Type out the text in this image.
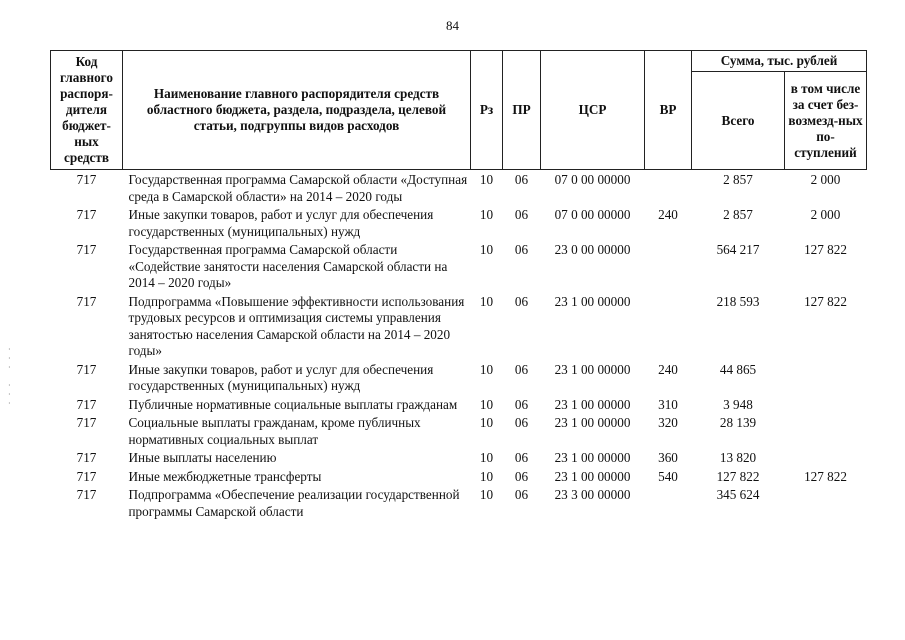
84
·
·
·

·
·
·
Код главного распоря-дителя бюджет-ных средств	Наименование главного распорядителя средств областного бюджета, раздела, подраздела, целевой статьи, подгруппы видов расходов	Рз	ПР	ЦСР	ВР	Сумма, тыс. рублей	
						Всего	в том числе за счет без-возмезд-ных по-ступлений
717	Государственная программа Самарской области «Доступная среда в Самарской области» на 2014 – 2020 годы	10	06	07 0 00 00000		2 857	2 000
717	Иные закупки товаров, работ и услуг для обеспечения государственных (муниципальных) нужд	10	06	07 0 00 00000	240	2 857	2 000
717	Государственная программа Самарской области «Содействие занятости населения Самарской области на 2014 – 2020 годы»	10	06	23 0 00 00000		564 217	127 822
717	Подпрограмма «Повышение эффективности использования трудовых ресурсов и оптимизация системы управления занятостью населения Самарской области на 2014 – 2020 годы»	10	06	23 1 00 00000		218 593	127 822
717	Иные закупки товаров, работ и услуг для обеспечения государственных (муниципальных) нужд	10	06	23 1 00 00000	240	44 865	
717	Публичные нормативные социальные выплаты гражданам	10	06	23 1 00 00000	310	3 948	
717	Социальные выплаты гражданам, кроме публичных нормативных социальных выплат	10	06	23 1 00 00000	320	28 139	
717	Иные выплаты населению	10	06	23 1 00 00000	360	13 820	
717	Иные межбюджетные трансферты	10	06	23 1 00 00000	540	127 822	127 822
717	Подпрограмма «Обеспечение реализации государственной программы Самарской области	10	06	23 3 00 00000		345 624	
